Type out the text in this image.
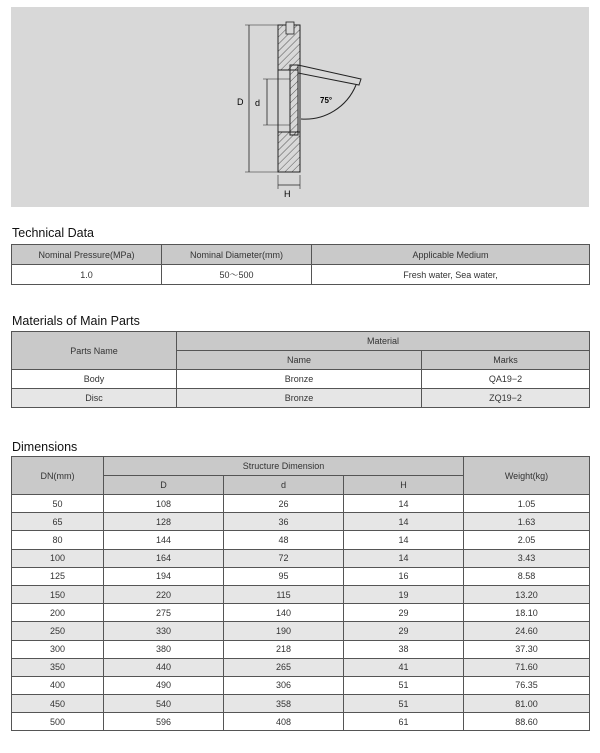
D d
H
75°
Technical Data
Nominal Pressure(MPa)	Nominal Diameter(mm)	Applicable Medium
1.0	50～500	Fresh water, Sea water,
Materials of Main Parts
Parts Name	Material	
	Name	Marks
Body	Bronze	QA19−2
Disc	Bronze	ZQ19−2
Dimensions
DN(mm)	Structure Dimension			Weight(kg)
	D	d	H	
50	108	26	14	1.05
65	128	36	14	1.63
80	144	48	14	2.05
100	164	72	14	3.43
125	194	95	16	8.58
150	220	115	19	13.20
200	275	140	29	18.10
250	330	190	29	24.60
300	380	218	38	37.30
350	440	265	41	71.60
400	490	306	51	76.35
450	540	358	51	81.00
500	596	408	61	88.60
